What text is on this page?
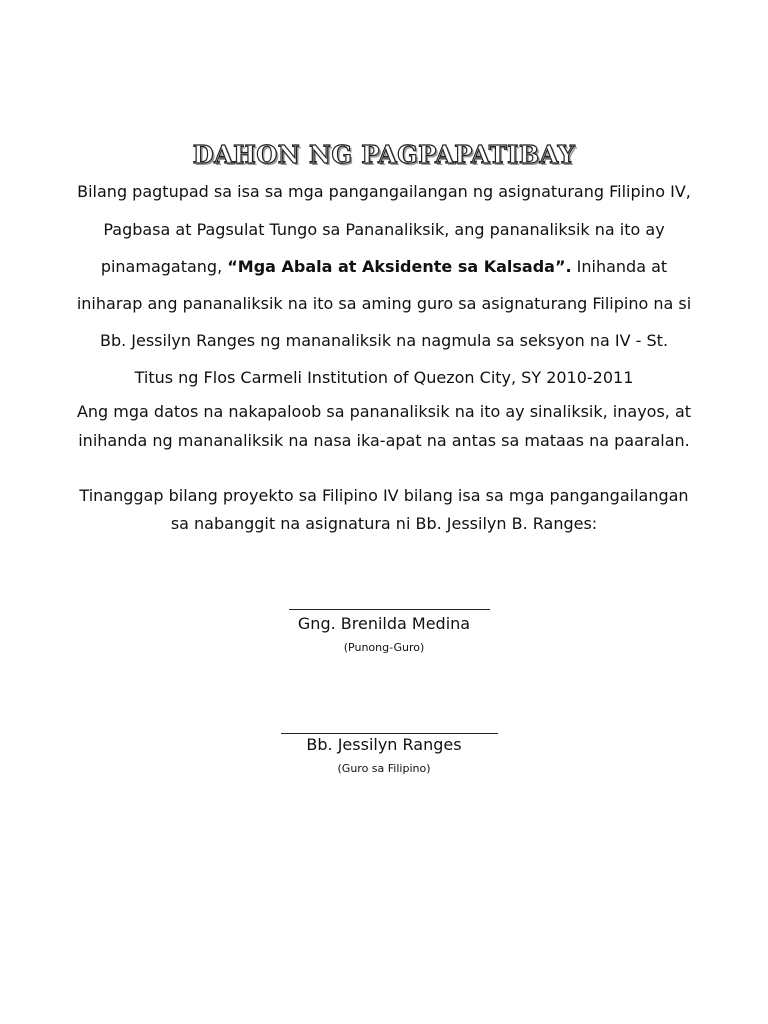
DAHON NG PAGPAPATIBAY
Bilang pagtupad sa isa sa mga pangangailangan ng asignaturang Filipino IV,
Pagbasa at Pagsulat Tungo sa Pananaliksik, ang pananaliksik na ito ay
pinamagatang, “Mga Abala at Aksidente sa Kalsada”. Inihanda at
iniharap ang pananaliksik na ito sa aming guro sa asignaturang Filipino na si
Bb. Jessilyn Ranges ng mananaliksik na nagmula sa seksyon na IV - St.
Titus ng Flos Carmeli Institution of Quezon City, SY 2010-2011
Ang mga datos na nakapaloob sa pananaliksik na ito ay sinaliksik, inayos, at
inihanda ng mananaliksik na nasa ika-apat na antas sa mataas na paaralan.
Tinanggap bilang proyekto sa Filipino IV bilang isa sa mga pangangailangan
sa nabanggit na asignatura ni Bb. Jessilyn B. Ranges:
Gng. Brenilda Medina
(Punong-Guro)
Bb. Jessilyn Ranges
(Guro sa Filipino)
